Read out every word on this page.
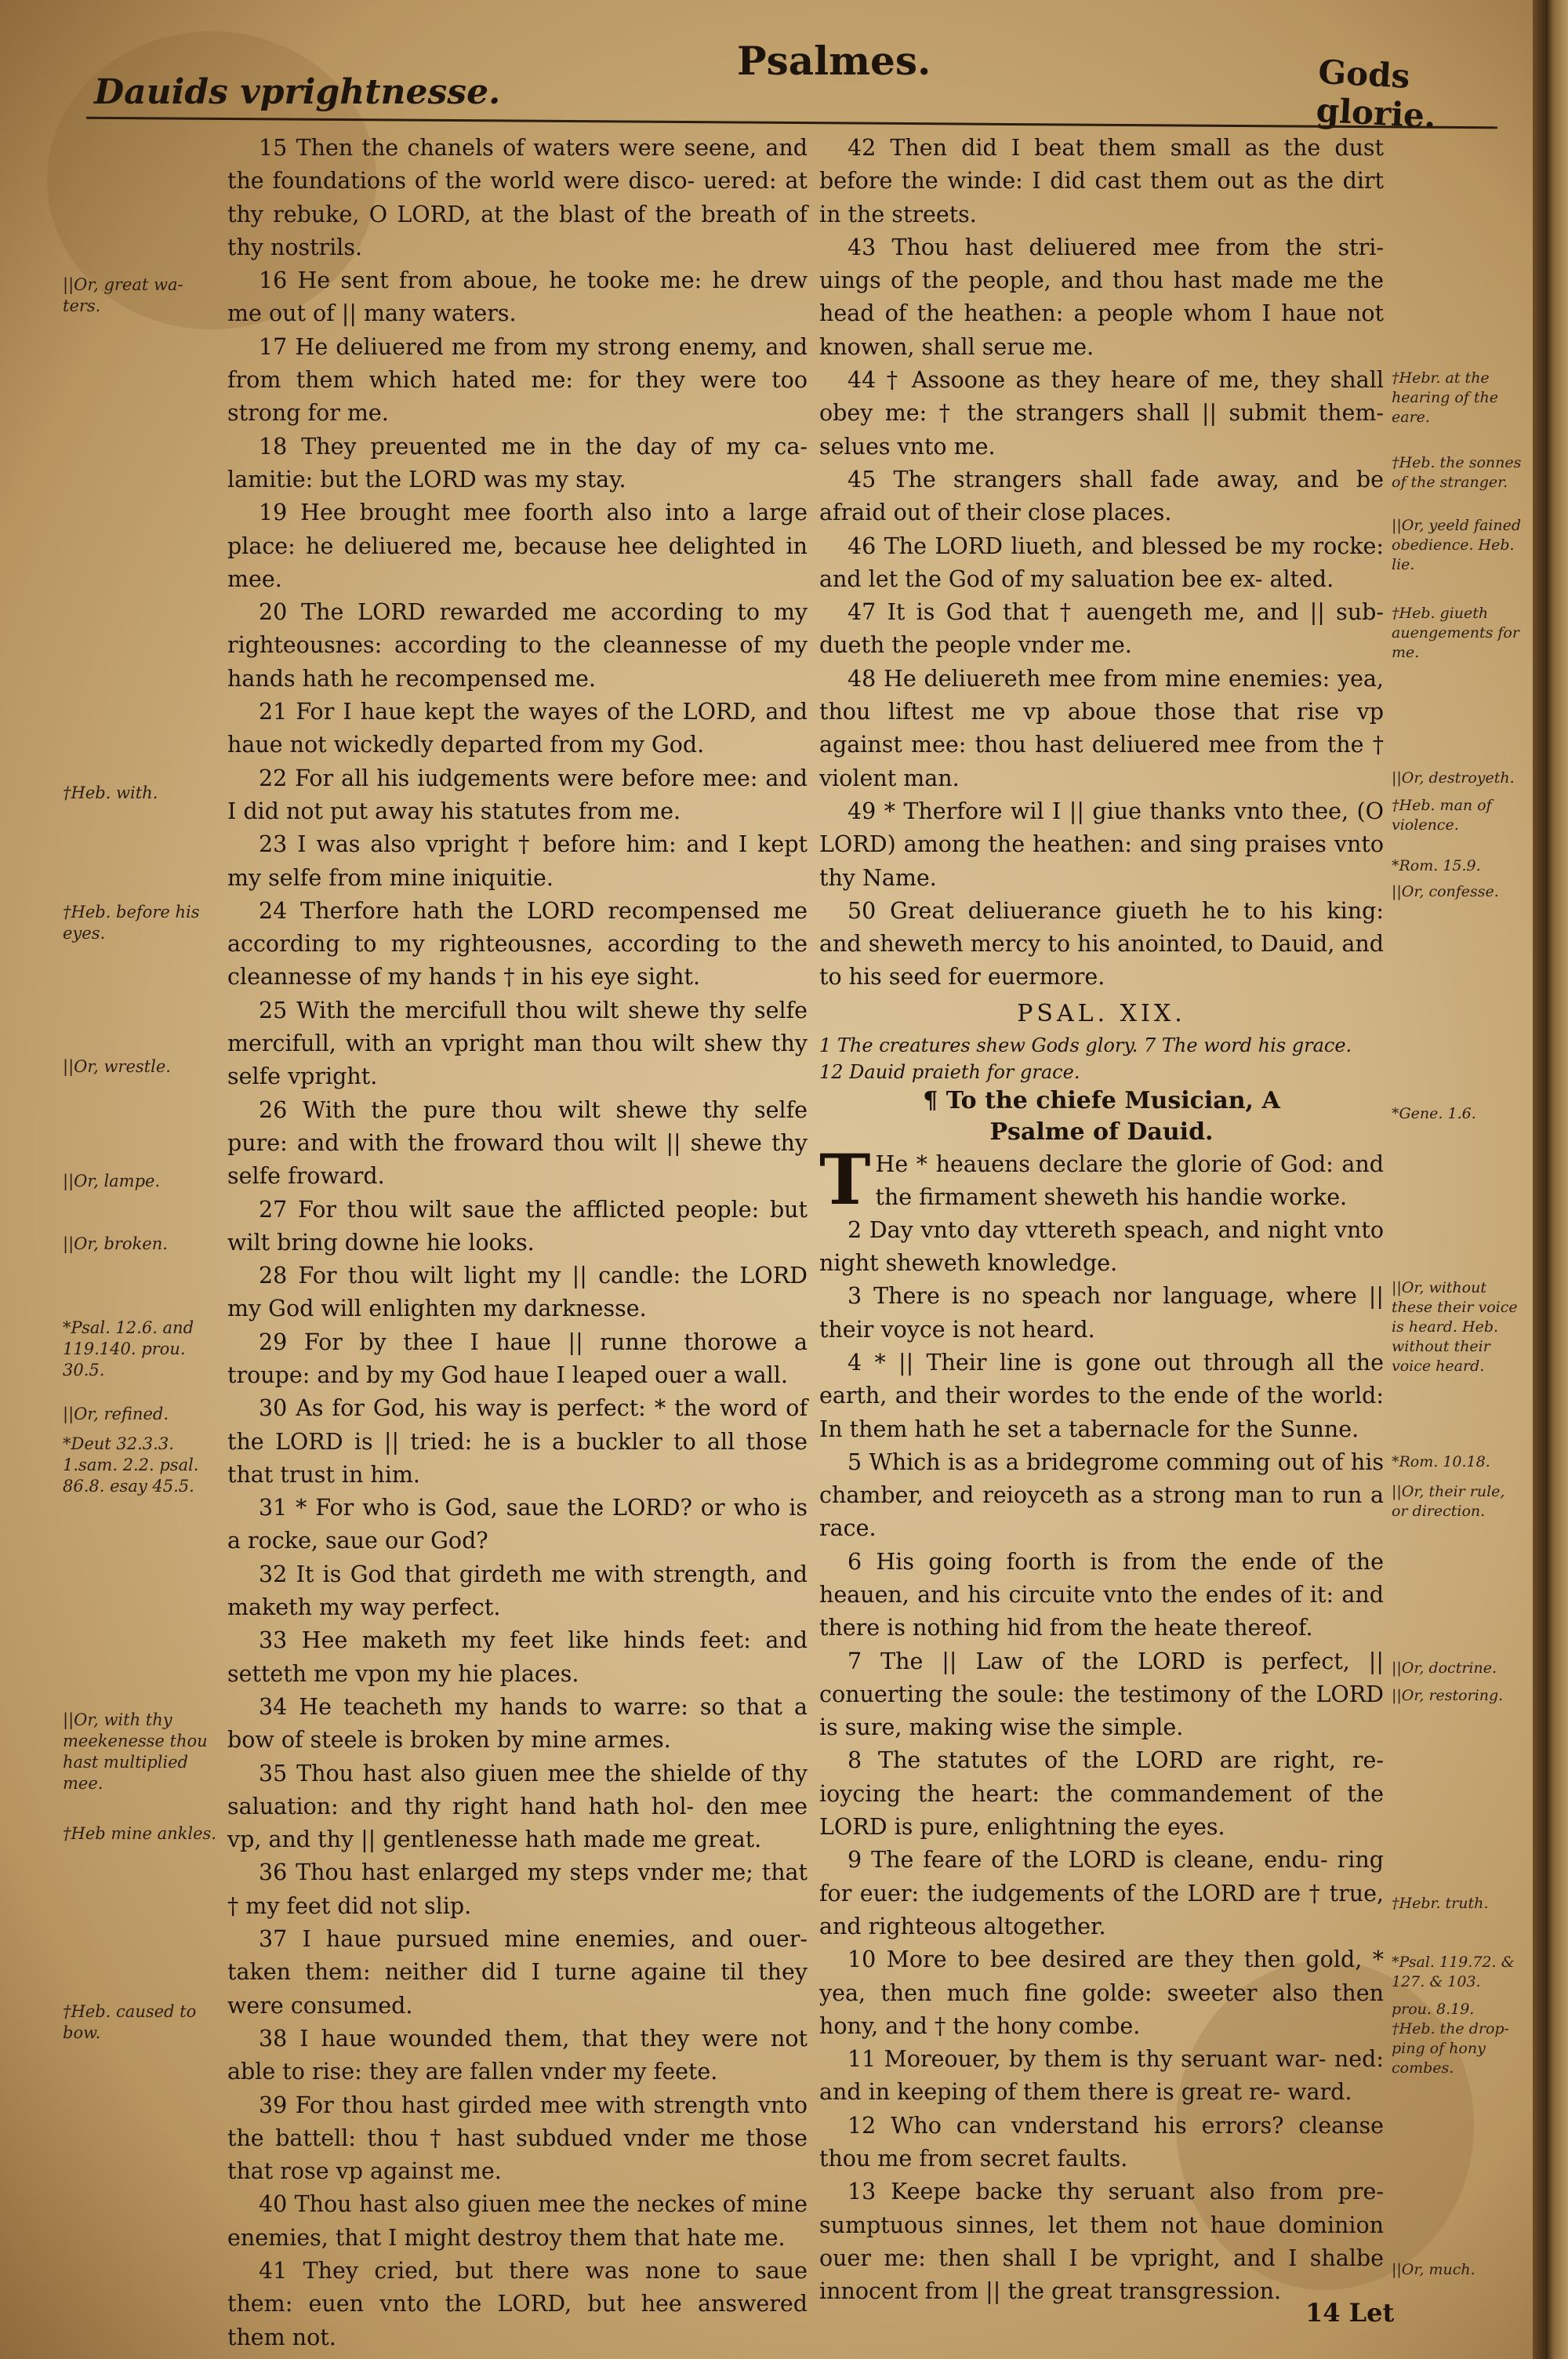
Dauids vprightnesse.
Psalmes.	Gods glorie.
||Or, great wa- ters.
†Heb. with.
†Heb. before his eyes.
||Or, wrestle.
||Or, lampe.
||Or, broken.
*Psal. 12.6. and 119.140. prou. 30.5.
||Or, refined.
*Deut 32.3.3. 1.sam. 2.2. psal. 86.8. esay 45.5.
||Or, with thy meekenesse thou hast multiplied mee.
†Heb mine ankles.
†Heb. caused to bow.

15 Then the chanels of waters were seene, and the foundations of the world were disco- uered: at thy rebuke, O LORD, at the blast of the breath of thy nostrils.

16 He sent from aboue, he tooke me: he drew me out of || many waters.

17 He deliuered me from my strong enemy, and from them which hated me: for they were too strong for me.

18 They preuented me in the day of my ca- lamitie: but the LORD was my stay.

19 Hee brought mee foorth also into a large place: he deliuered me, because hee delighted in mee.

20 The LORD rewarded me according to my righteousnes: according to the cleannesse of my hands hath he recompensed me.

21 For I haue kept the wayes of the LORD, and haue not wickedly departed from my God.

22 For all his iudgements were before mee: and I did not put away his statutes from me.

23 I was also vpright † before him: and I kept my selfe from mine iniquitie.

24 Therfore hath the LORD recompensed me according to my righteousnes, according to the cleannesse of my hands † in his eye sight.

25 With the mercifull thou wilt shewe thy selfe mercifull, with an vpright man thou wilt shew thy selfe vpright.

26 With the pure thou wilt shewe thy selfe pure: and with the froward thou wilt || shewe thy selfe froward.

27 For thou wilt saue the afflicted people: but wilt bring downe hie looks.

28 For thou wilt light my || candle: the LORD my God will enlighten my darknesse.

29 For by thee I haue || runne thorowe a troupe: and by my God haue I leaped ouer a wall.

30 As for God, his way is perfect: * the word of the LORD is || tried: he is a buckler to all those that trust in him.

31 * For who is God, saue the LORD? or who is a rocke, saue our God?

32 It is God that girdeth me with strength, and maketh my way perfect.

33 Hee maketh my feet like hinds feet: and setteth me vpon my hie places.

34 He teacheth my hands to warre: so that a bow of steele is broken by mine armes.

35 Thou hast also giuen mee the shielde of thy saluation: and thy right hand hath hol- den mee vp, and thy || gentlenesse hath made me great.

36 Thou hast enlarged my steps vnder me; that † my feet did not slip.

37 I haue pursued mine enemies, and ouer- taken them: neither did I turne againe til they were consumed.

38 I haue wounded them, that they were not able to rise: they are fallen vnder my feete.

39 For thou hast girded mee with strength vnto the battell: thou † hast subdued vnder me those that rose vp against me.

40 Thou hast also giuen mee the neckes of mine enemies, that I might destroy them that hate me.

41 They cried, but there was none to saue them: euen vnto the LORD, but hee answered them not.

42 Then did I beat them small as the dust before the winde: I did cast them out as the dirt in the streets.

43 Thou hast deliuered mee from the stri- uings of the people, and thou hast made me the head of the heathen: a people whom I haue not knowen, shall serue me.

44 † Assoone as they heare of me, they shall obey me: † the strangers shall || submit them- selues vnto me.

45 The strangers shall fade away, and be afraid out of their close places.

46 The LORD liueth, and blessed be my rocke: and let the God of my saluation bee ex- alted.

47 It is God that † auengeth me, and || sub- dueth the people vnder me.

48 He deliuereth mee from mine enemies: yea, thou liftest me vp aboue those that rise vp against mee: thou hast deliuered mee from the † violent man.

49 * Therfore wil I || giue thanks vnto thee, (O LORD) among the heathen: and sing praises vnto thy Name.

50 Great deliuerance giueth he to his king: and sheweth mercy to his anointed, to Dauid, and to his seed for euermore.

PSAL. XIX.
1 The creatures shew Gods glory. 7 The word his grace.
12 Dauid praieth for grace.
¶ To the chiefe Musician, A
Psalme of Dauid.
T He * heauens declare the glorie of God: and the firmament sheweth his handie worke.

2 Day vnto day vttereth speach, and night vnto night sheweth knowledge.

3 There is no speach nor language, where || their voyce is not heard.

4 * || Their line is gone out through all the earth, and their wordes to the ende of the world: In them hath he set a tabernacle for the Sunne.

5 Which is as a bridegrome comming out of his chamber, and reioyceth as a strong man to run a race.

6 His going foorth is from the ende of the heauen, and his circuite vnto the endes of it: and there is nothing hid from the heate thereof.

7 The || Law of the LORD is perfect, || conuerting the soule: the testimony of the LORD is sure, making wise the simple.

8 The statutes of the LORD are right, re- ioycing the heart: the commandement of the LORD is pure, enlightning the eyes.

9 The feare of the LORD is cleane, endu- ring for euer: the iudgements of the LORD are † true, and righteous altogether.

10 More to bee desired are they then gold, * yea, then much fine golde: sweeter also then hony, and † the hony combe.

11 Moreouer, by them is thy seruant war- ned: and in keeping of them there is great re- ward.

12 Who can vnderstand his errors? cleanse thou me from secret faults.

13 Keepe backe thy seruant also from pre- sumptuous sinnes, let them not haue dominion ouer me: then shall I be vpright, and I shalbe innocent from || the great transgression.

†Hebr. at the hearing of the eare.
†Heb. the sonnes of the stranger.
||Or, yeeld fained obedience. Heb. lie.
†Heb. giueth auengements for me.
||Or, destroyeth.
†Heb. man of violence.
*Rom. 15.9.
||Or, confesse.
*Gene. 1.6.
||Or, without these their voice is heard. Heb. without their voice heard.
*Rom. 10.18.
||Or, their rule, or direction.
||Or, doctrine.
||Or, restoring.
†Hebr. truth.
*Psal. 119.72. & 127. & 103.
prou. 8.19.
†Heb. the drop- ping of hony combes.
||Or, much.
14 Let
